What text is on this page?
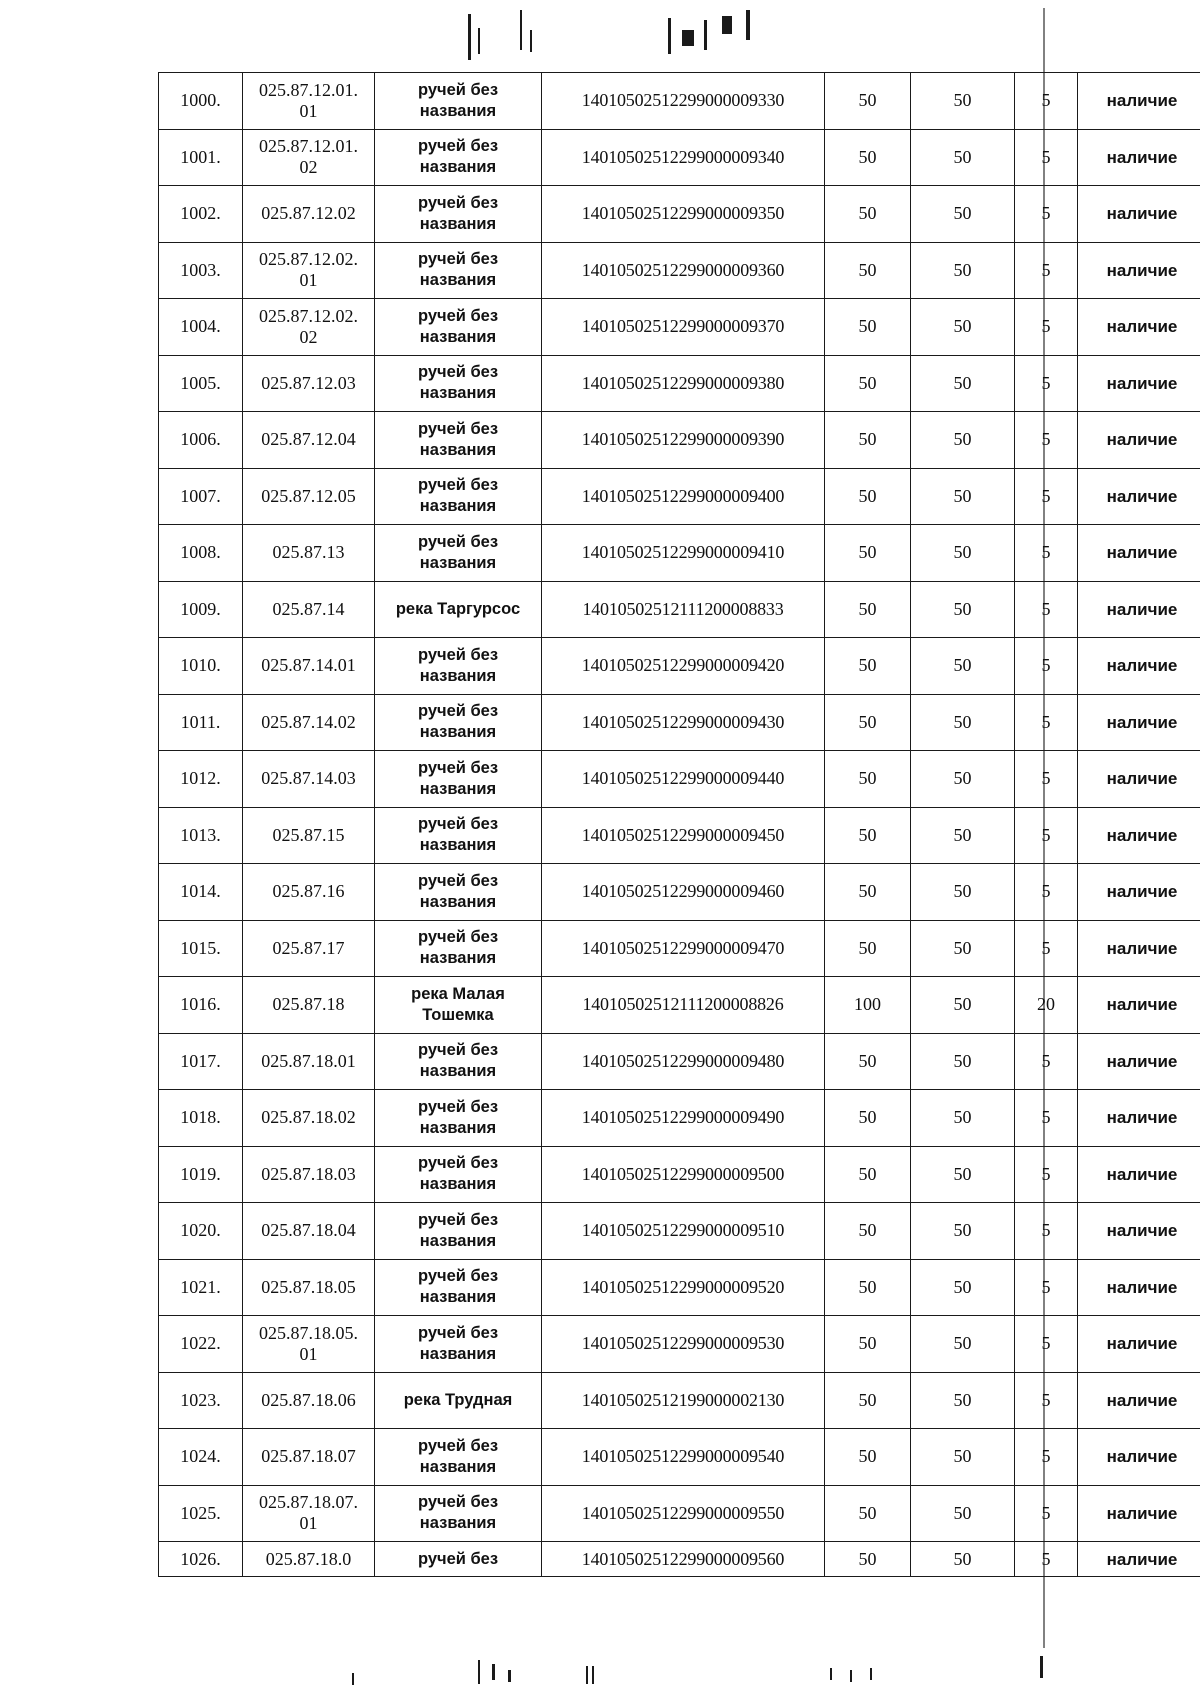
1000.	025.87.12.01.01	ручей без названия	14010502512299000009330	50	50	5	наличие
1001.	025.87.12.01.02	ручей без названия	14010502512299000009340	50	50	5	наличие
1002.	025.87.12.02	ручей без названия	14010502512299000009350	50	50	5	наличие
1003.	025.87.12.02.01	ручей без названия	14010502512299000009360	50	50	5	наличие
1004.	025.87.12.02.02	ручей без названия	14010502512299000009370	50	50	5	наличие
1005.	025.87.12.03	ручей без названия	14010502512299000009380	50	50	5	наличие
1006.	025.87.12.04	ручей без названия	14010502512299000009390	50	50	5	наличие
1007.	025.87.12.05	ручей без названия	14010502512299000009400	50	50	5	наличие
1008.	025.87.13	ручей без названия	14010502512299000009410	50	50	5	наличие
1009.	025.87.14	река Таргурсос	14010502512111200008833	50	50	5	наличие
1010.	025.87.14.01	ручей без названия	14010502512299000009420	50	50	5	наличие
1011.	025.87.14.02	ручей без названия	14010502512299000009430	50	50	5	наличие
1012.	025.87.14.03	ручей без названия	14010502512299000009440	50	50	5	наличие
1013.	025.87.15	ручей без названия	14010502512299000009450	50	50	5	наличие
1014.	025.87.16	ручей без названия	14010502512299000009460	50	50	5	наличие
1015.	025.87.17	ручей без названия	14010502512299000009470	50	50	5	наличие
1016.	025.87.18	река Малая Тошемка	14010502512111200008826	100	50	20	наличие
1017.	025.87.18.01	ручей без названия	14010502512299000009480	50	50	5	наличие
1018.	025.87.18.02	ручей без названия	14010502512299000009490	50	50	5	наличие
1019.	025.87.18.03	ручей без названия	14010502512299000009500	50	50	5	наличие
1020.	025.87.18.04	ручей без названия	14010502512299000009510	50	50	5	наличие
1021.	025.87.18.05	ручей без названия	14010502512299000009520	50	50	5	наличие
1022.	025.87.18.05.01	ручей без названия	14010502512299000009530	50	50	5	наличие
1023.	025.87.18.06	река Трудная	14010502512199000002130	50	50	5	наличие
1024.	025.87.18.07	ручей без названия	14010502512299000009540	50	50	5	наличие
1025.	025.87.18.07.01	ручей без названия	14010502512299000009550	50	50	5	наличие
1026.	025.87.18.0	ручей без	14010502512299000009560	50	50	5	наличие
